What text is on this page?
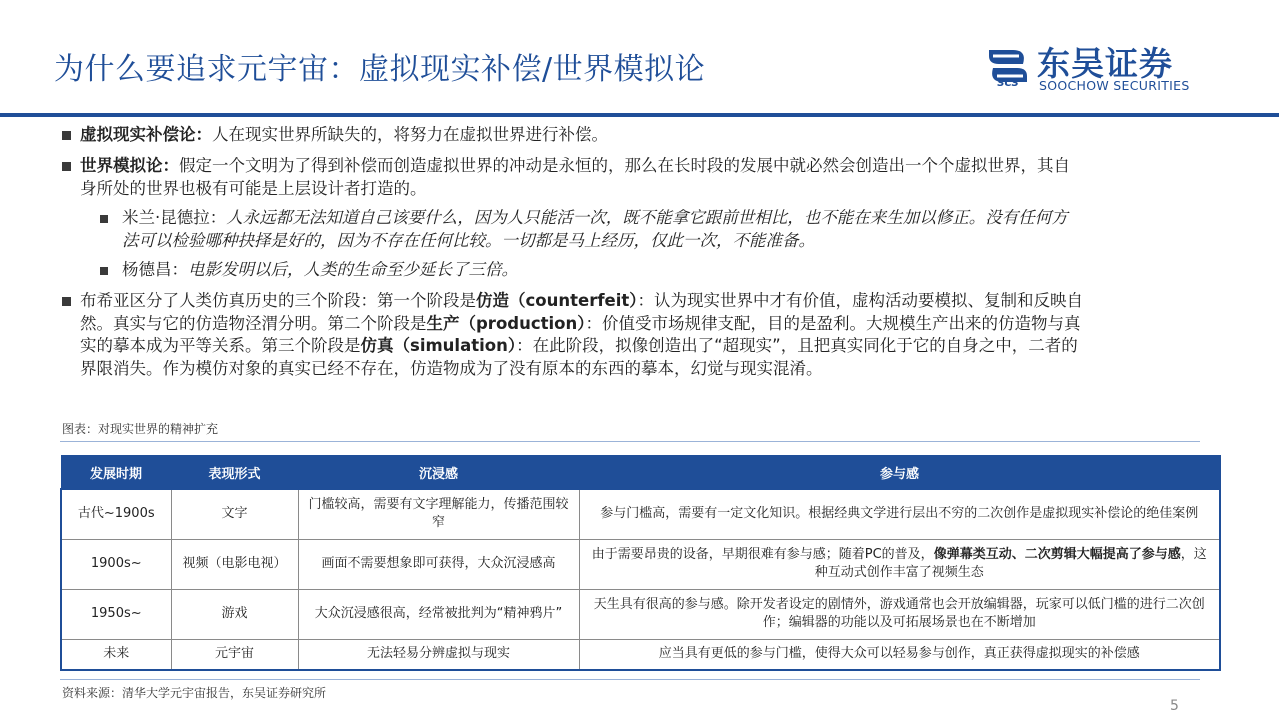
为什么要追求元宇宙：虚拟现实补偿/世界模拟论	SCS
东吴证券
SOOCHOW SECURITIES
虚拟现实补偿论：人在现实世界所缺失的，将努力在虚拟世界进行补偿。
世界模拟论：假定一个文明为了得到补偿而创造虚拟世界的冲动是永恒的，那么在长时段的发展中就必然会创造出一个个虚拟世界，其自
身所处的世界也极有可能是上层设计者打造的。
米兰·昆德拉：人永远都无法知道自己该要什么，因为人只能活一次，既不能拿它跟前世相比，也不能在来生加以修正。没有任何方
法可以检验哪种抉择是好的，因为不存在任何比较。一切都是马上经历，仅此一次，不能准备。
杨德昌：电影发明以后，人类的生命至少延长了三倍。
布希亚区分了人类仿真历史的三个阶段：第一个阶段是仿造（counterfeit）：认为现实世界中才有价值，虚构活动要模拟、复制和反映自
然。真实与它的仿造物泾渭分明。第二个阶段是生产（production）：价值受市场规律支配，目的是盈利。大规模生产出来的仿造物与真
实的摹本成为平等关系。第三个阶段是仿真（simulation）：在此阶段，拟像创造出了“超现实”，且把真实同化于它的自身之中，二者的
界限消失。作为模仿对象的真实已经不存在，仿造物成为了没有原本的东西的摹本，幻觉与现实混淆。
图表：对现实世界的精神扩充
发展时期	表现形式	沉浸感	参与感
古代~1900s	文字	门槛较高，需要有文字理解能力，传播范围较窄	参与门槛高，需要有一定文化知识。根据经典文学进行层出不穷的二次创作是虚拟现实补偿论的绝佳案例
1900s~	视频（电影电视）	画面不需要想象即可获得，大众沉浸感高	由于需要昂贵的设备，早期很难有参与感；随着PC的普及，像弹幕类互动、二次剪辑大幅提高了参与感，这种互动式创作丰富了视频生态
1950s~	游戏	大众沉浸感很高，经常被批判为“精神鸦片”	天生具有很高的参与感。除开发者设定的剧情外，游戏通常也会开放编辑器，玩家可以低门槛的进行二次创作；编辑器的功能以及可拓展场景也在不断增加
未来	元宇宙	无法轻易分辨虚拟与现实	应当具有更低的参与门槛，使得大众可以轻易参与创作，真正获得虚拟现实的补偿感
资料来源：清华大学元宇宙报告，东吴证券研究所
5
